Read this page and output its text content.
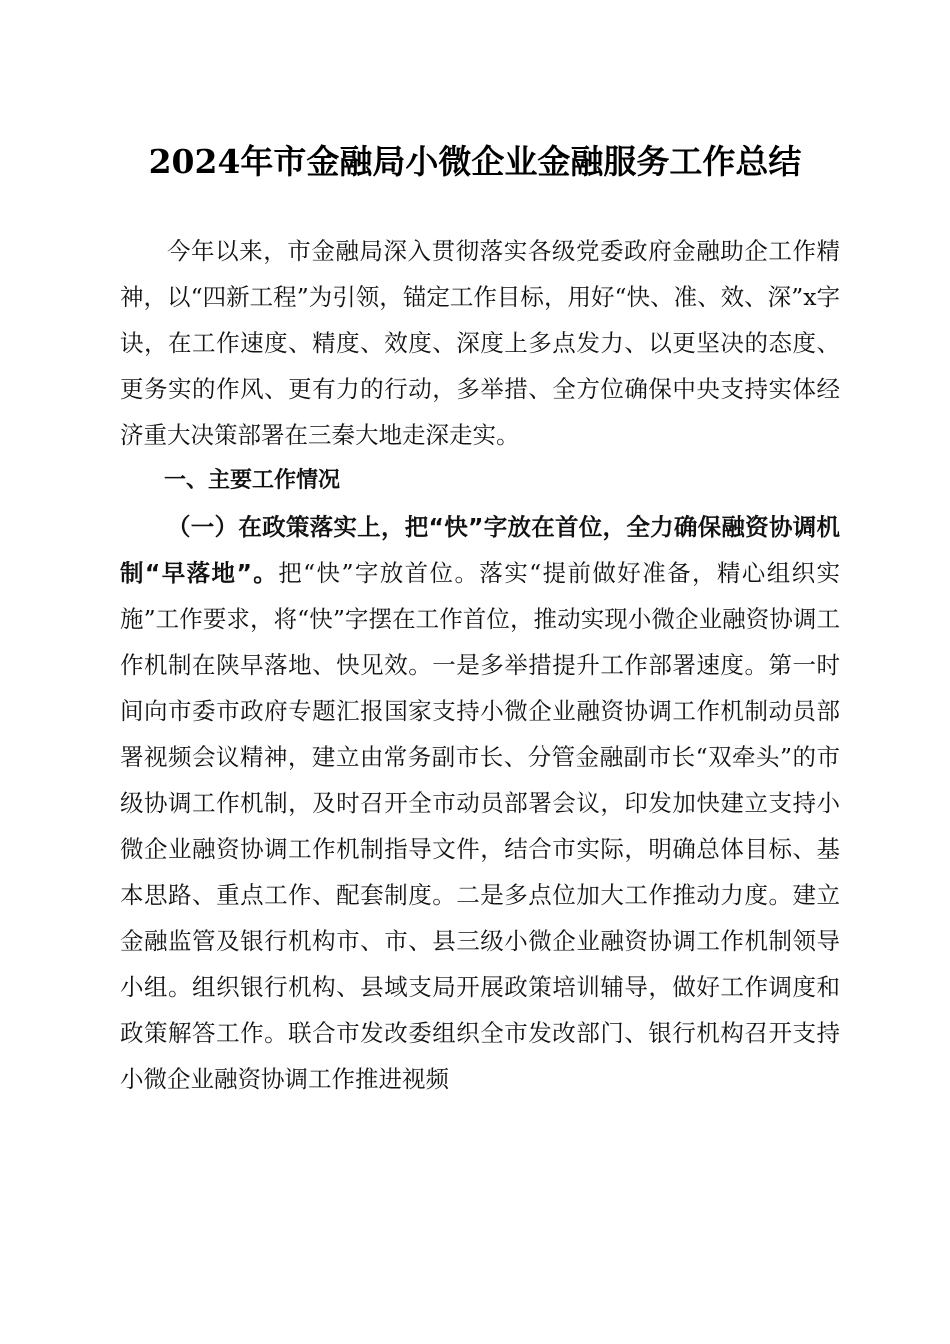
2024年市金融局小微企业金融服务工作总结

今年以来，市金融局深入贯彻落实各级党委政府金融助企工作精神，以“四新工程”为引领，锚定工作目标，用好“快、准、效、深”x字诀，在工作速度、精度、效度、深度上多点发力、以更坚决的态度、更务实的作风、更有力的行动，多举措、全方位确保中央支持实体经济重大决策部署在三秦大地走深走实。

一、主要工作情况

（一）在政策落实上，把“快”字放在首位，全力确保融资协调机制“早落地”。把“快”字放首位。落实“提前做好准备，精心组织实施”工作要求，将“快”字摆在工作首位，推动实现小微企业融资协调工作机制在陕早落地、快见效。一是多举措提升工作部署速度。第一时间向市委市政府专题汇报国家支持小微企业融资协调工作机制动员部署视频会议精神，建立由常务副市长、分管金融副市长“双牵头”的市级协调工作机制，及时召开全市动员部署会议，印发加快建立支持小微企业融资协调工作机制指导文件，结合市实际，明确总体目标、基本思路、重点工作、配套制度。二是多点位加大工作推动力度。建立金融监管及银行机构市、市、县三级小微企业融资协调工作机制领导小组。组织银行机构、县域支局开展政策培训辅导，做好工作调度和政策解答工作。联合市发改委组织全市发改部门、银行机构召开支持小微企业融资协调工作推进视频
